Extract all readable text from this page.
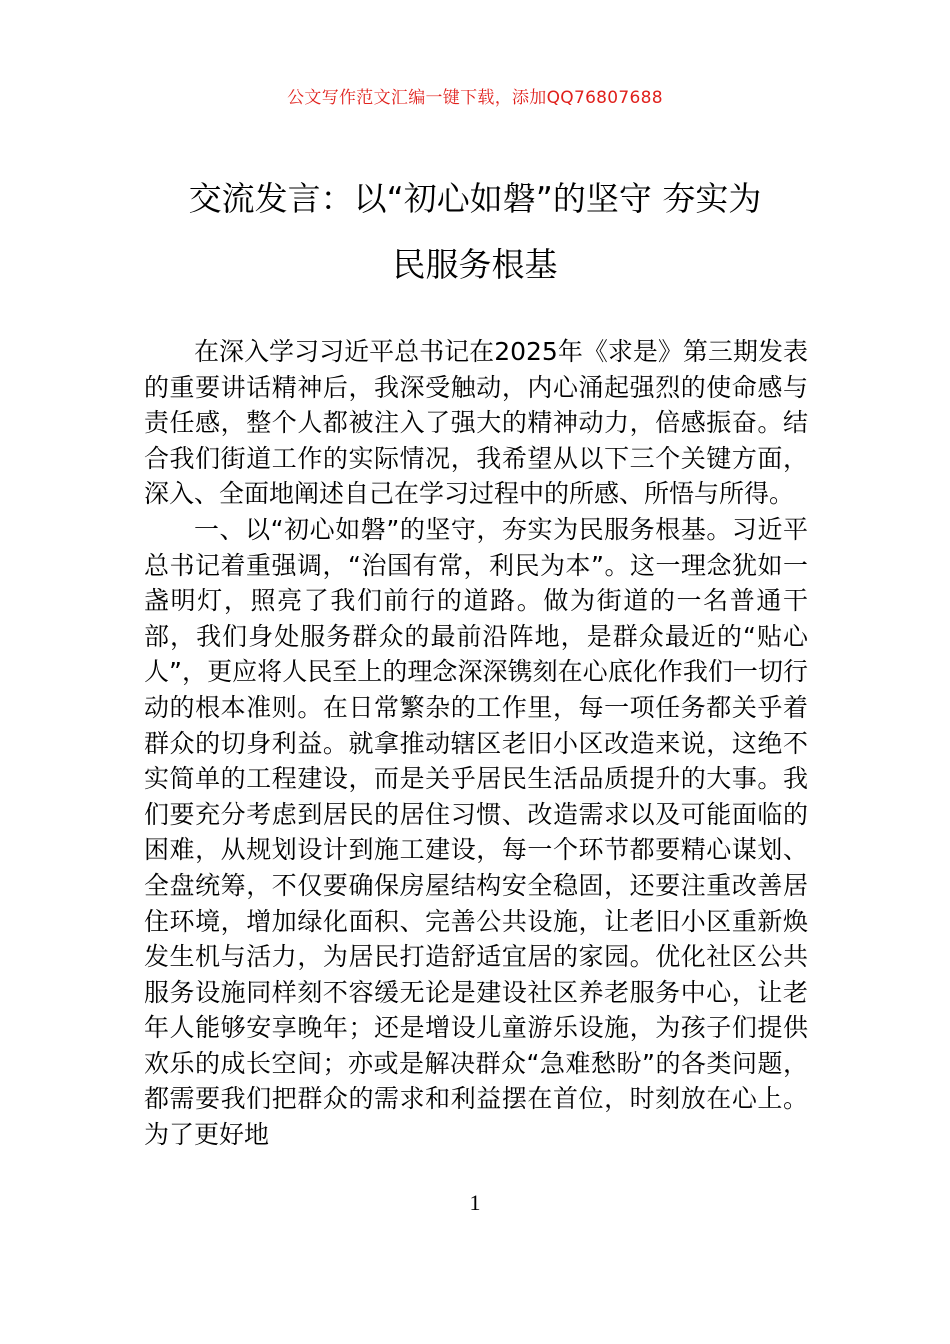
公文写作范文汇编一键下载，添加QQ76807688
交流发言：以“初心如磐”的坚守 夯实为
民服务根基

在深入学习习近平总书记在2025年《求是》第三期发表的重要讲话精神后，我深受触动，内心涌起强烈的使命感与责任感，整个人都被注入了强大的精神动力，倍感振奋。结合我们街道工作的实际情况，我希望从以下三个关键方面，深入、全面地阐述自己在学习过程中的所感、所悟与所得。

一、以“初心如磐”的坚守，夯实为民服务根基。习近平总书记着重强调，“治国有常，利民为本”。这一理念犹如一盏明灯，照亮了我们前行的道路。做为街道的一名普通干部，我们身处服务群众的最前沿阵地，是群众最近的“贴心人”，更应将人民至上的理念深深镌刻在心底化作我们一切行动的根本准则。在日常繁杂的工作里，每一项任务都关乎着群众的切身利益。就拿推动辖区老旧小区改造来说，这绝不实简单的工程建设，而是关乎居民生活品质提升的大事。我们要充分考虑到居民的居住习惯、改造需求以及可能面临的困难，从规划设计到施工建设，每一个环节都要精心谋划、全盘统筹，不仅要确保房屋结构安全稳固，还要注重改善居住环境，增加绿化面积、完善公共设施，让老旧小区重新焕发生机与活力，为居民打造舒适宜居的家园。优化社区公共服务设施同样刻不容缓无论是建设社区养老服务中心，让老年人能够安享晚年；还是增设儿童游乐设施，为孩子们提供欢乐的成长空间；亦或是解决群众“急难愁盼”的各类问题，都需要我们把群众的需求和利益摆在首位，时刻放在心上。为了更好地

1
